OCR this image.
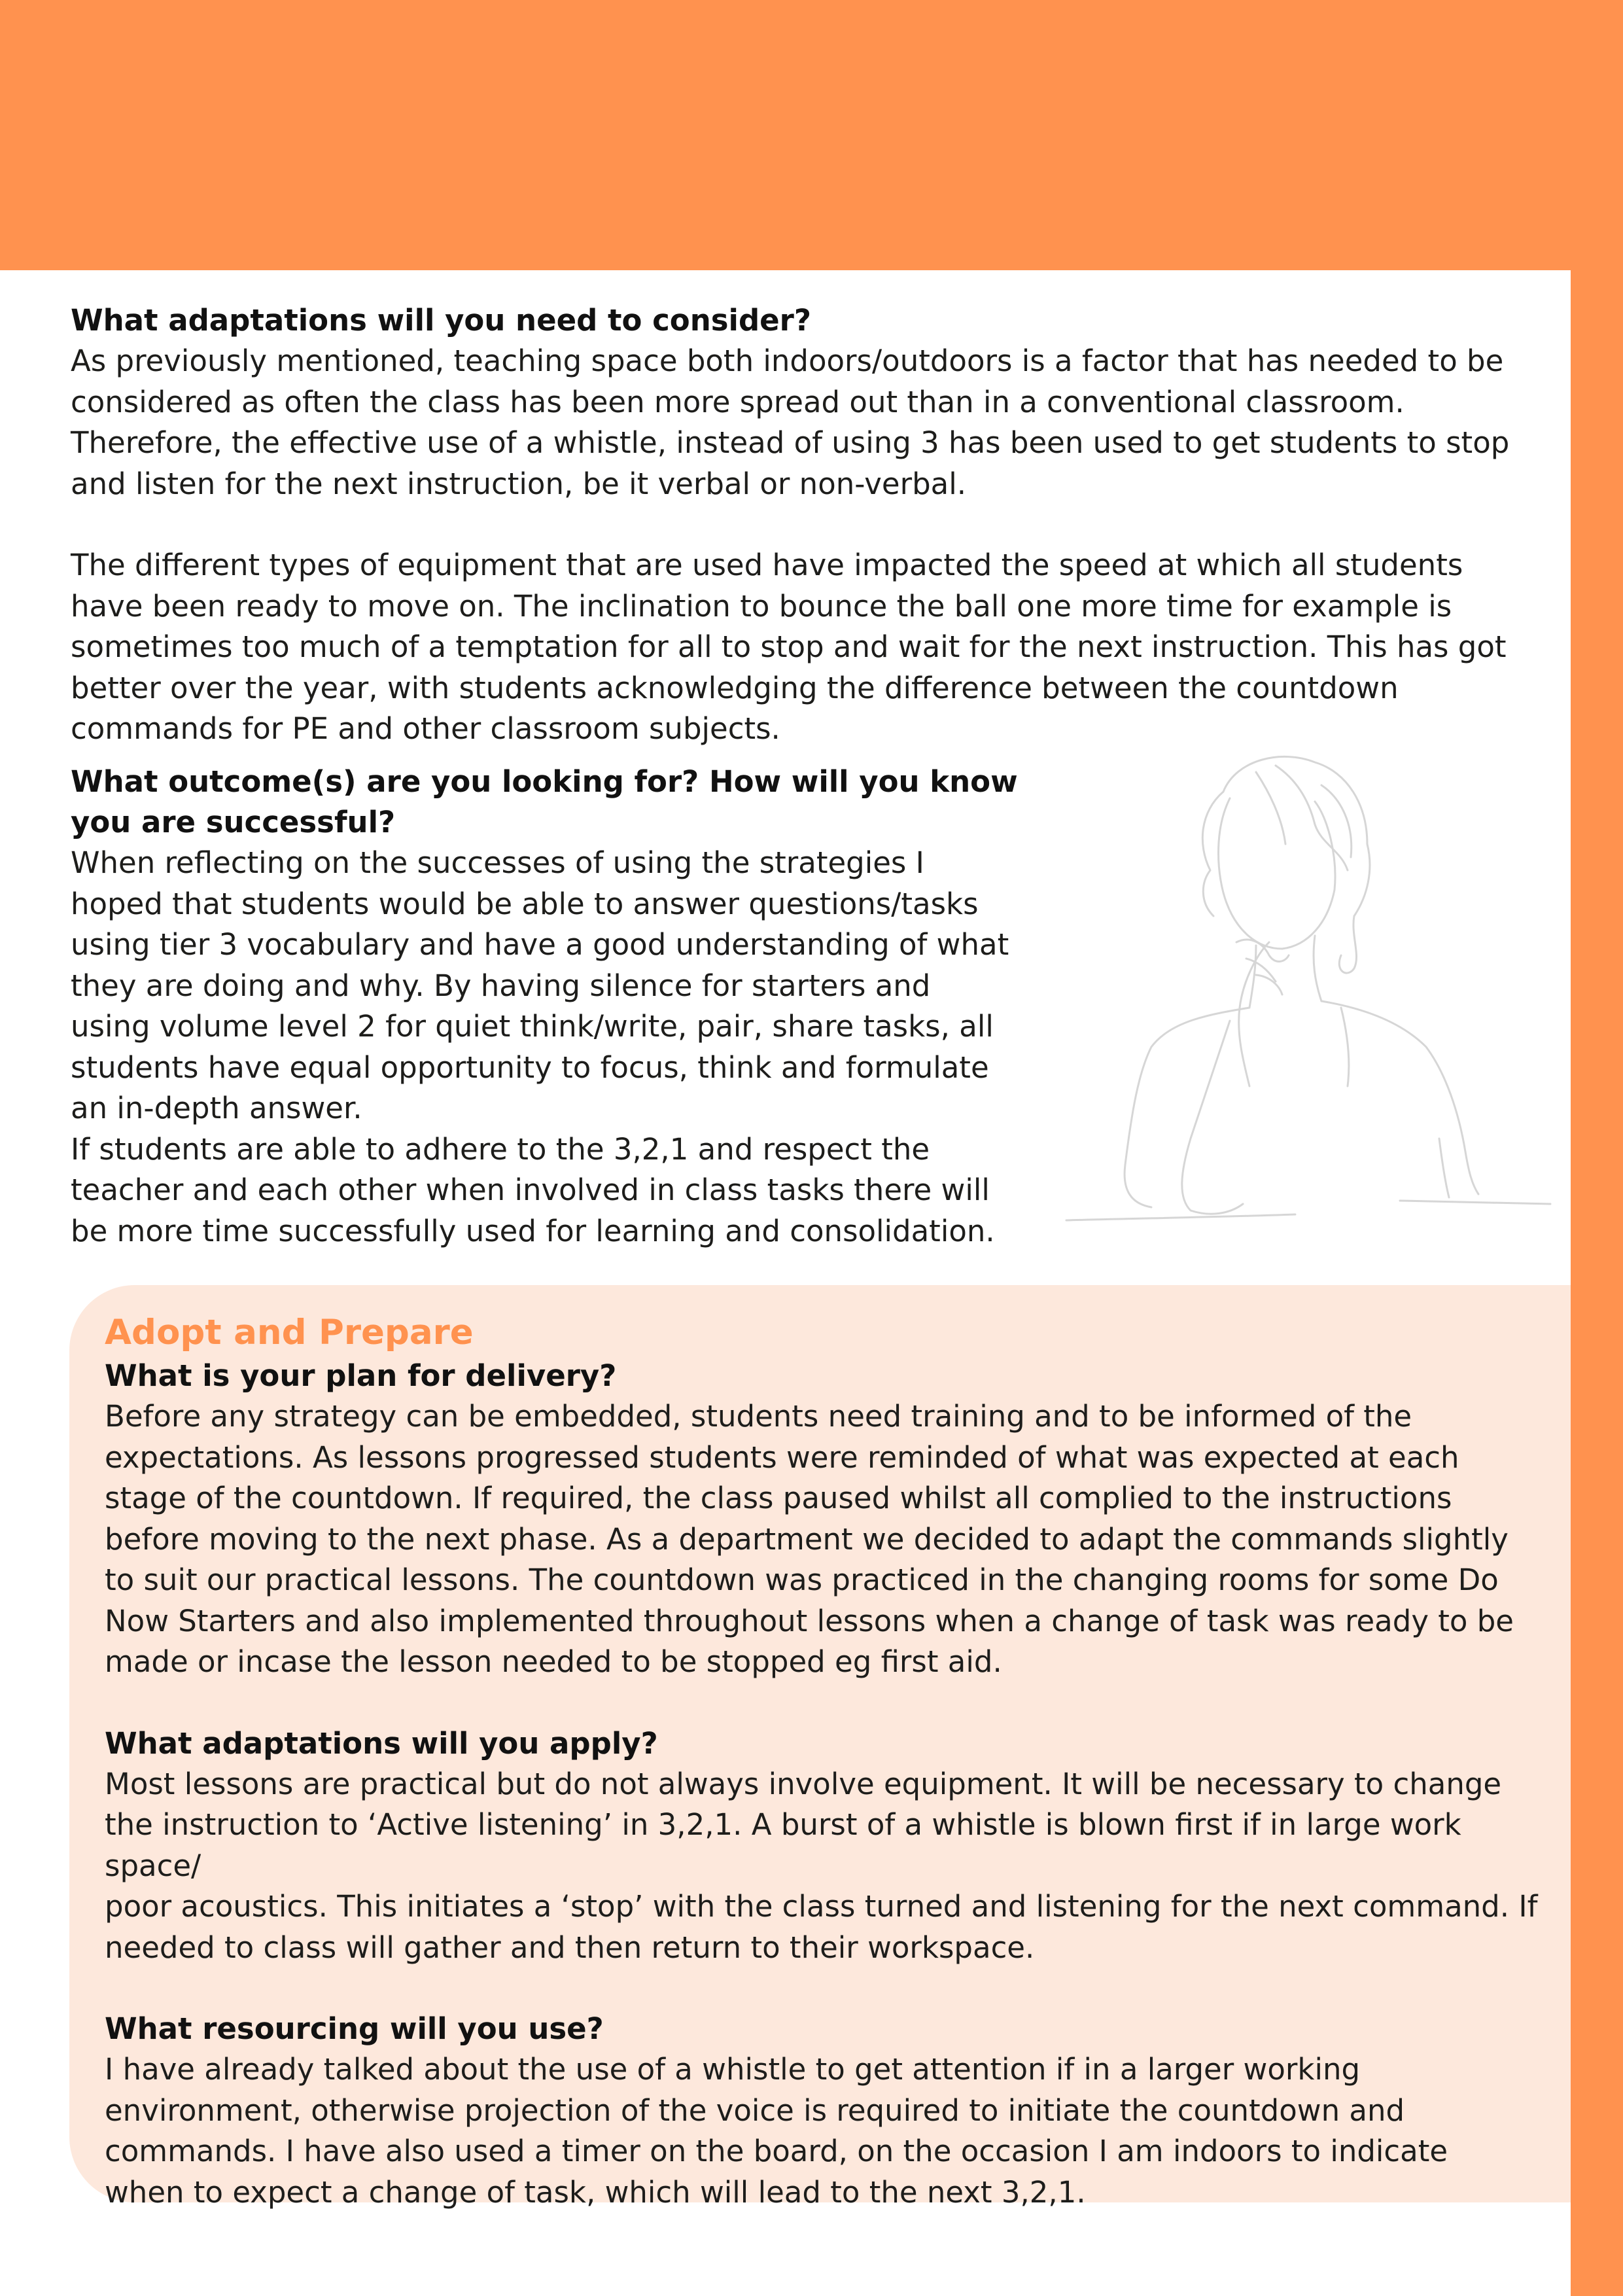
What adaptations will you need to consider?

As previously mentioned, teaching space both indoors/outdoors is a factor that has needed to be
considered as often the class has been more spread out than in a conventional classroom.
Therefore, the effective use of a whistle, instead of using 3 has been used to get students to stop
and listen for the next instruction, be it verbal or non-verbal.

The different types of equipment that are used have impacted the speed at which all students
have been ready to move on. The inclination to bounce the ball one more time for example is
sometimes too much of a temptation for all to stop and wait for the next instruction. This has got
better over the year, with students acknowledging the difference between the countdown
commands for PE and other classroom subjects.

What outcome(s) are you looking for? How will you know
you are successful?

When reflecting on the successes of using the strategies I
hoped that students would be able to answer questions/tasks
using tier 3 vocabulary and have a good understanding of what
they are doing and why. By having silence for starters and
using volume level 2 for quiet think/write, pair, share tasks, all
students have equal opportunity to focus, think and formulate
an in-depth answer.

If students are able to adhere to the 3,2,1 and respect the
teacher and each other when involved in class tasks there will
be more time successfully used for learning and consolidation.

Adopt and Prepare
What is your plan for delivery?

Before any strategy can be embedded, students need training and to be informed of the
expectations. As lessons progressed students were reminded of what was expected at each
stage of the countdown. If required, the class paused whilst all complied to the instructions
before moving to the next phase. As a department we decided to adapt the commands slightly
to suit our practical lessons. The countdown was practiced in the changing rooms for some Do
Now Starters and also implemented throughout lessons when a change of task was ready to be
made or incase the lesson needed to be stopped eg first aid.

What adaptations will you apply?

Most lessons are practical but do not always involve equipment. It will be necessary to change
the instruction to ‘Active listening’ in 3,2,1. A burst of a whistle is blown first if in large work space/
poor acoustics. This initiates a ‘stop’ with the class turned and listening for the next command. If
needed to class will gather and then return to their workspace.

What resourcing will you use?

I have already talked about the use of a whistle to get attention if in a larger working
environment, otherwise projection of the voice is required to initiate the countdown and
commands. I have also used a timer on the board, on the occasion I am indoors to indicate
when to expect a change of task, which will lead to the next 3,2,1.
